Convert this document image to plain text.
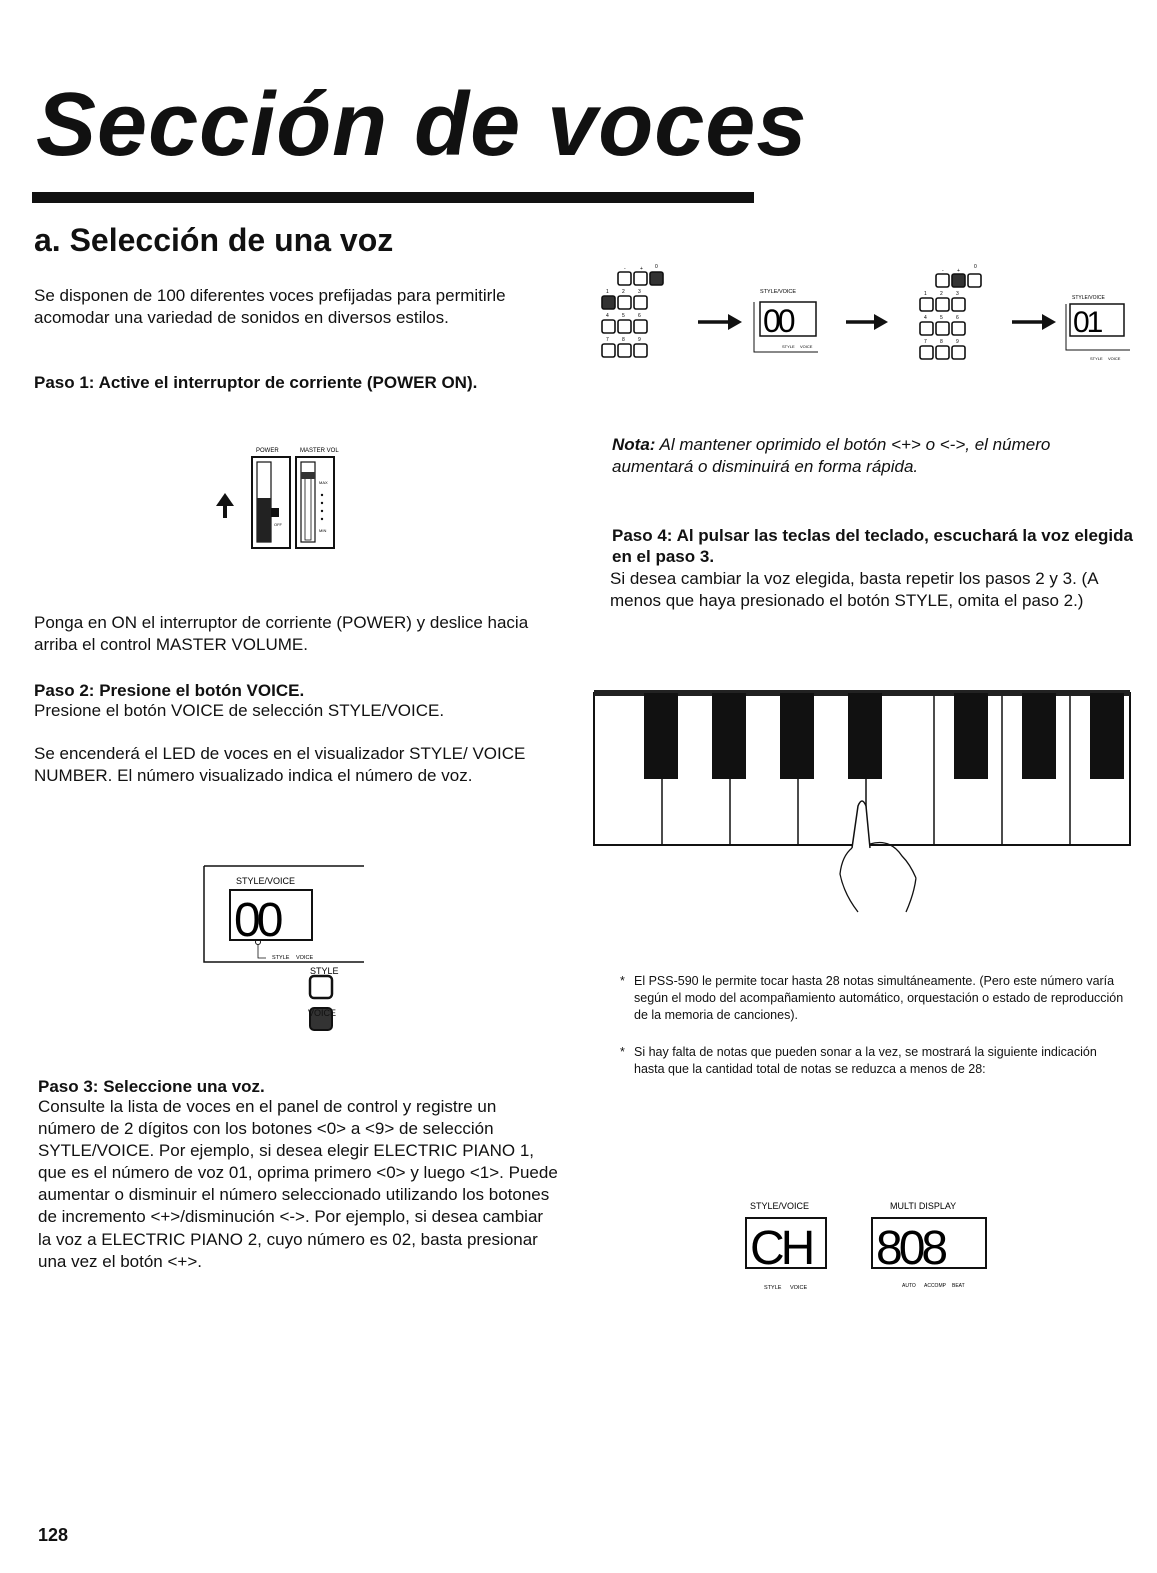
Sección de voces
a. Selección de una voz
Se disponen de 100 diferentes voces prefijadas para permitirle acomodar una variedad de sonidos en diversos estilos.
Paso 1: Active el interruptor de corriente (POWER ON).
POWER	MASTER VOL
OFF
MAX
MIN
Ponga en ON el interruptor de corriente (POWER) y deslice hacia arriba el control MASTER VOLUME.
Paso 2: Presione el botón VOICE.
Presione el botón VOICE de selección STYLE/VOICE.
Se encenderá el LED de voces en el visualizador STYLE/ VOICE NUMBER. El número visualizado indica el número de voz.
STYLE/VOICE
00
STYLE VOICE
STYLE
VOICE
Paso 3: Seleccione una voz.
Consulte la lista de voces en el panel de control y registre un número de 2 dígitos con los botones <0> a <9> de selección SYTLE/VOICE. Por ejemplo, si desea elegir ELECTRIC PIANO 1, que es el número de voz 01, oprima primero <0> y luego <1>. Puede aumentar o disminuir el número seleccionado utilizando los botones de incremento <+>/disminución <->. Por ejemplo, si desea cambiar la voz a ELECTRIC PIANO 2, cuyo número es 02, basta presionar una vez el botón <+>.
-	+ 0
1	2	3
4	5	6
7	8	9
STYLE/VOICE
00
STYLE VOICE
-	+
0
1	2	3
4	5	6
7	8	9
STYLE/VOICE
01
STYLE VOICE
Nota: Al mantener oprimido el botón <+> o <->, el número aumentará o disminuirá en forma rápida.
Paso 4: Al pulsar las teclas del teclado, escuchará la voz elegida en el paso 3.
Si desea cambiar la voz elegida, basta repetir los pasos 2 y 3. (A menos que haya presionado el botón STYLE, omita el paso 2.)
* El PSS-590 le permite tocar hasta 28 notas simultáneamente. (Pero este número varía según el modo del acompañamiento automático, orquestación o estado de reproducción de la memoria de canciones).
* Si hay falta de notas que pueden sonar a la vez, se mostrará la siguiente indicación hasta que la cantidad total de notas se reduzca a menos de 28:
STYLE/VOICE
CH
STYLE VOICE
MULTI DISPLAY
808
AUTO ACCOMP BEAT
128
